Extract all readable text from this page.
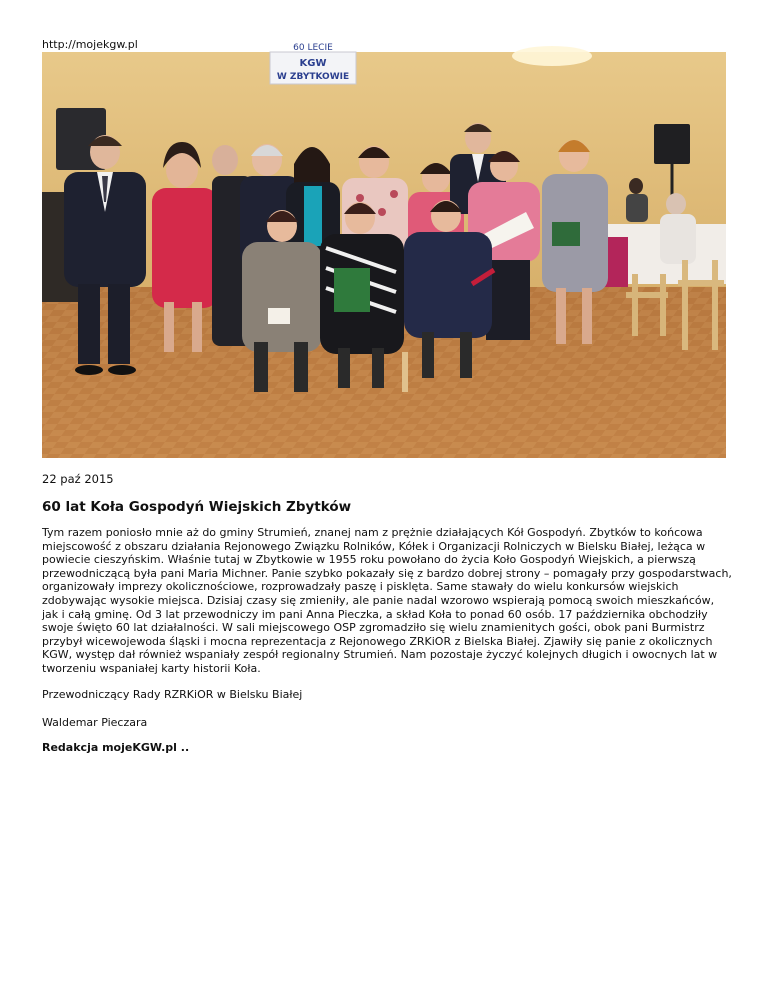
http://mojekgw.pl	60 LECIE
KGW
W ZBYTKOWIE
22 paź 2015
60 lat Koła Gospodyń Wiejskich Zbytków

Tym razem poniosło mnie aż do gminy Strumień, znanej nam z prężnie działających Kół Gospodyń. Zbytków to końcowa miejscowość z obszaru działania Rejonowego Związku Rolników, Kółek i Organizacji Rolniczych w Bielsku Białej, leżąca w powiecie cieszyńskim. Właśnie tutaj w Zbytkowie w 1955 roku powołano do życia Koło Gospodyń Wiejskich, a pierwszą przewodniczącą była pani Maria Michner. Panie szybko pokazały się z bardzo dobrej strony – pomagały przy gospodarstwach, organizowały imprezy okolicznościowe, rozprowadzały paszę i pisklęta. Same stawały do wielu konkursów wiejskich zdobywając wysokie miejsca. Dzisiaj czasy się zmieniły, ale panie nadal wzorowo wspierają pomocą swoich mieszkańców, jak i całą gminę. Od 3 lat przewodniczy im pani Anna Pieczka, a skład Koła to ponad 60 osób. 17 października obchodziły swoje święto 60 lat działalności. W sali miejscowego OSP zgromadziło się wielu znamienitych gości, obok pani Burmistrz przybył wicewojewoda śląski i mocna reprezentacja z Rejonowego ZRKiOR z Bielska Białej. Zjawiły się panie z okolicznych KGW, występ dał również wspaniały zespół regionalny Strumień. Nam pozostaje życzyć kolejnych długich i owocnych lat w tworzeniu wspaniałej karty historii Koła.

Przewodniczący Rady RZRKiOR w Bielsku Białej

Waldemar Pieczara

Redakcja mojeKGW.pl ..
